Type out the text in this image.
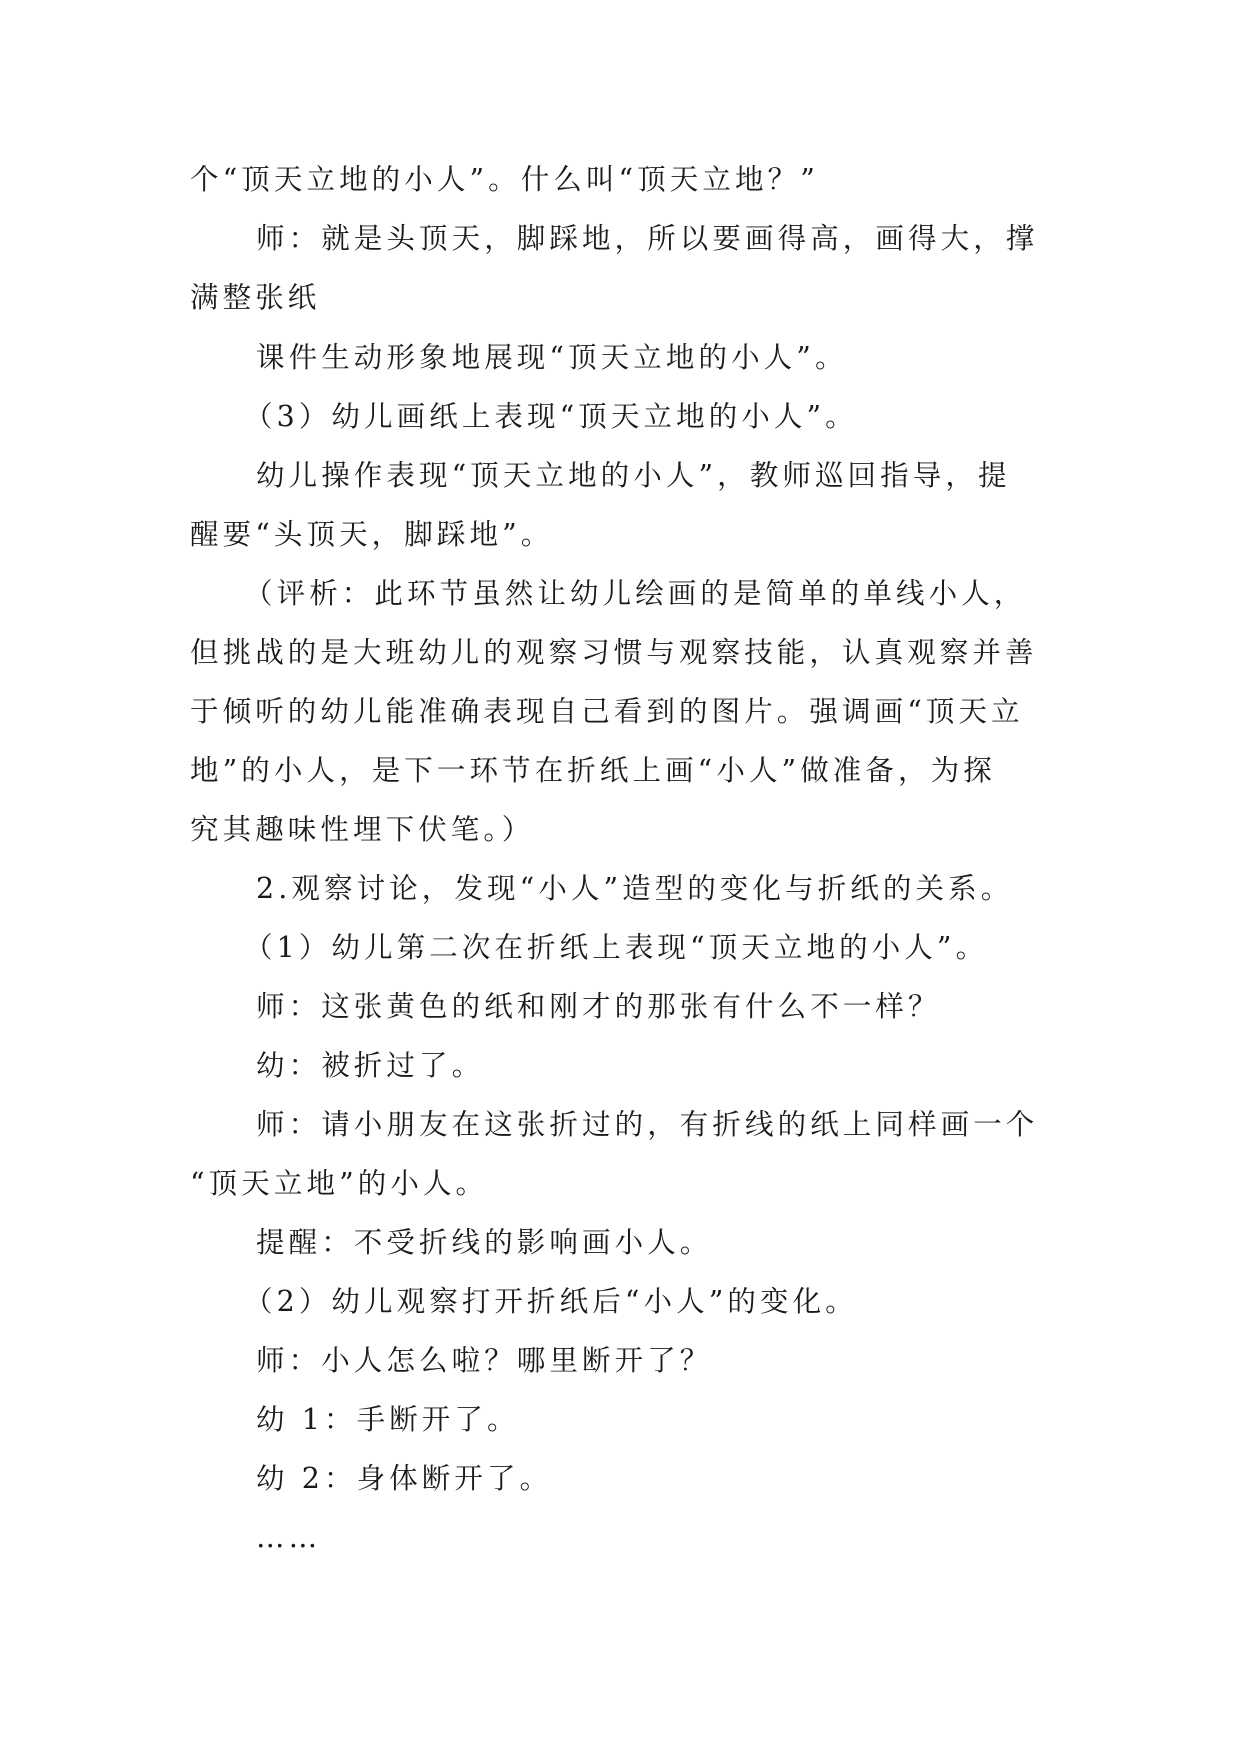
个“顶天立地的小人”。什么叫“顶天立地？”
师：就是头顶天，脚踩地，所以要画得高，画得大，撑
满整张纸
课件生动形象地展现“顶天立地的小人”。
（3）幼儿画纸上表现“顶天立地的小人”。
幼儿操作表现“顶天立地的小人”，教师巡回指导，提
醒要“头顶天，脚踩地”。
（评析：此环节虽然让幼儿绘画的是简单的单线小人，
但挑战的是大班幼儿的观察习惯与观察技能，认真观察并善
于倾听的幼儿能准确表现自己看到的图片。强调画“顶天立
地”的小人，是下一环节在折纸上画“小人”做准备，为探
究其趣味性埋下伏笔。）
2.观察讨论，发现“小人”造型的变化与折纸的关系。
（1）幼儿第二次在折纸上表现“顶天立地的小人”。
师：这张黄色的纸和刚才的那张有什么不一样？
幼：被折过了。
师：请小朋友在这张折过的，有折线的纸上同样画一个
“顶天立地”的小人。
提醒：不受折线的影响画小人。
（2）幼儿观察打开折纸后“小人”的变化。
师：小人怎么啦？哪里断开了？
幼 1：手断开了。
幼 2：身体断开了。
……
